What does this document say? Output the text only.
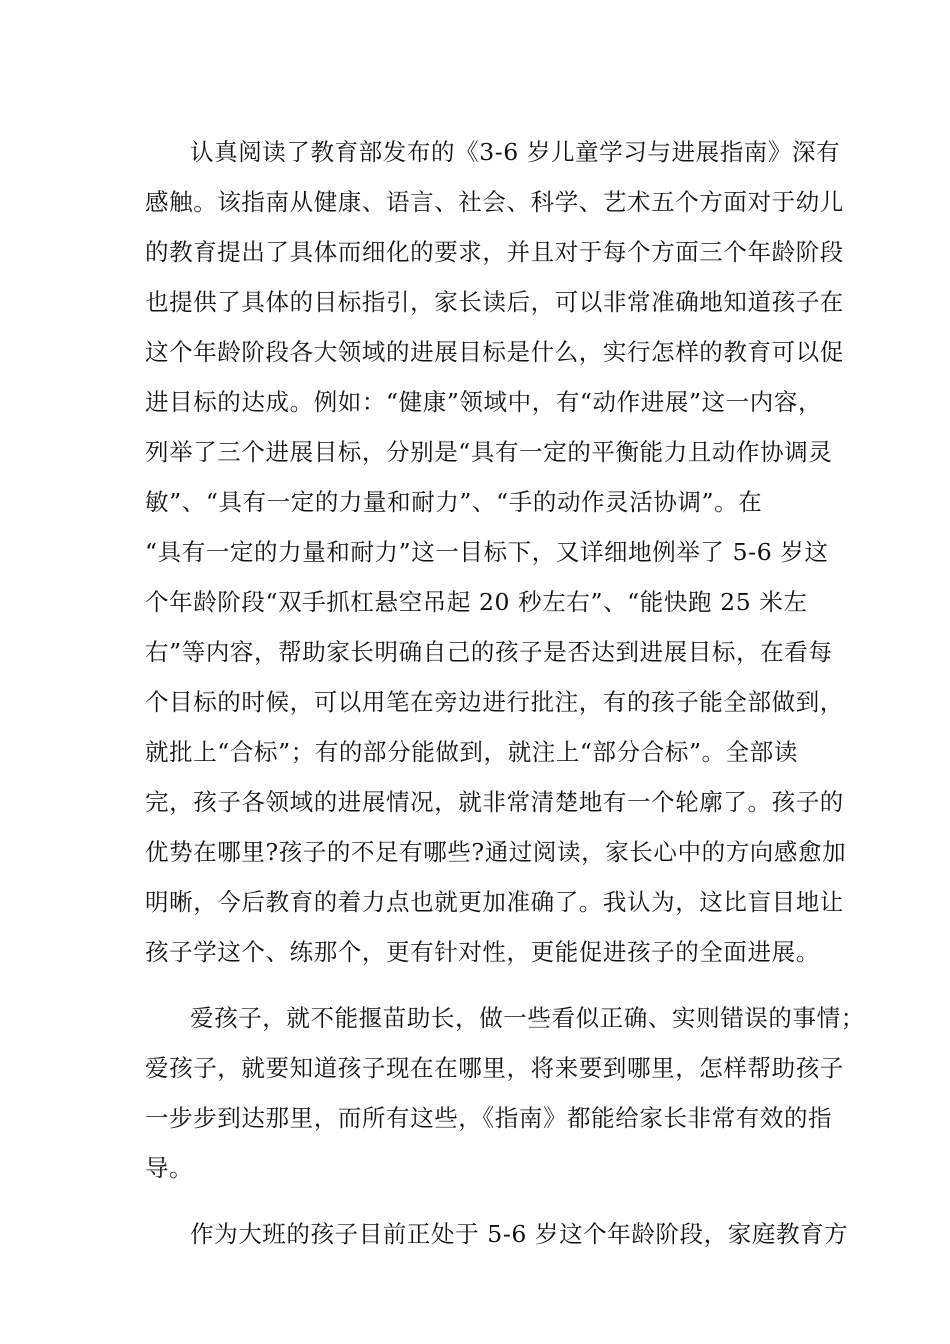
认真阅读了教育部发布的《3-6 岁儿童学习与进展指南》深有
感触。该指南从健康、语言、社会、科学、艺术五个方面对于幼儿
的教育提出了具体而细化的要求，并且对于每个方面三个年龄阶段
也提供了具体的目标指引，家长读后，可以非常准确地知道孩子在
这个年龄阶段各大领域的进展目标是什么，实行怎样的教育可以促
进目标的达成。例如：“健康”领域中，有“动作进展”这一内容，
列举了三个进展目标，分别是“具有一定的平衡能力且动作协调灵
敏”、“具有一定的力量和耐力”、“手的动作灵活协调”。在
“具有一定的力量和耐力”这一目标下，又详细地例举了 5-6 岁这
个年龄阶段“双手抓杠悬空吊起 20 秒左右”、“能快跑 25 米左
右”等内容，帮助家长明确自己的孩子是否达到进展目标，在看每
个目标的时候，可以用笔在旁边进行批注，有的孩子能全部做到，
就批上“合标”；有的部分能做到，就注上“部分合标”。全部读
完，孩子各领域的进展情况，就非常清楚地有一个轮廓了。孩子的
优势在哪里?孩子的不足有哪些?通过阅读，家长心中的方向感愈加
明晰，今后教育的着力点也就更加准确了。我认为，这比盲目地让
孩子学这个、练那个，更有针对性，更能促进孩子的全面进展。
爱孩子，就不能揠苗助长，做一些看似正确、实则错误的事情；
爱孩子，就要知道孩子现在在哪里，将来要到哪里，怎样帮助孩子
一步步到达那里，而所有这些，《指南》都能给家长非常有效的指
导。
作为大班的孩子目前正处于 5-6 岁这个年龄阶段，家庭教育方
